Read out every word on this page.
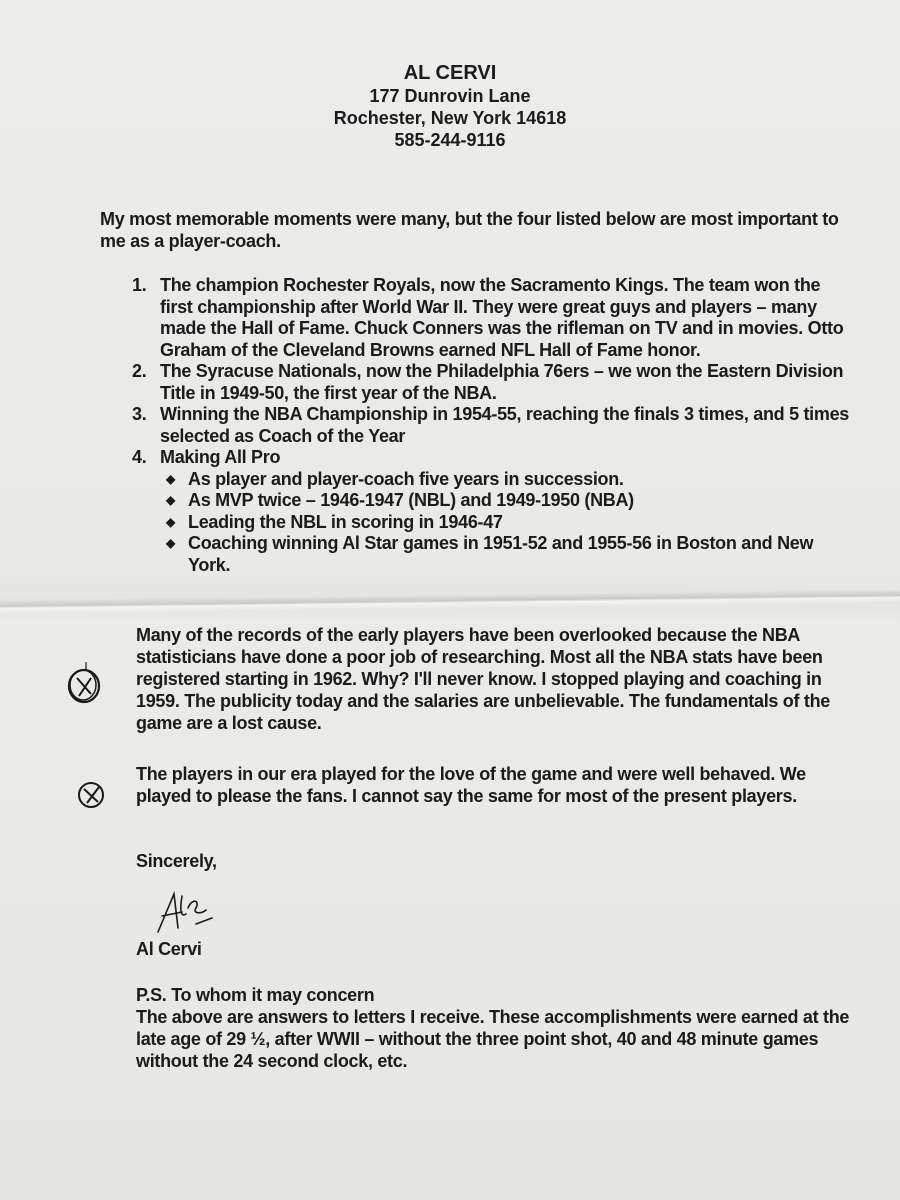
AL CERVI
177 Dunrovin Lane
Rochester, New York 14618
585-244-9116
My most memorable moments were many, but the four listed below are most important to me as a player-coach.
1. The champion Rochester Royals, now the Sacramento Kings. The team won the first championship after World War II. They were great guys and players – many made the Hall of Fame. Chuck Conners was the rifleman on TV and in movies. Otto Graham of the Cleveland Browns earned NFL Hall of Fame honor.
2. The Syracuse Nationals, now the Philadelphia 76ers – we won the Eastern Division Title in 1949-50, the first year of the NBA.
3. Winning the NBA Championship in 1954-55, reaching the finals 3 times, and 5 times selected as Coach of the Year
4. Making All Pro
◆ As player and player-coach five years in succession.
◆ As MVP twice – 1946-1947 (NBL) and 1949-1950 (NBA)
◆ Leading the NBL in scoring in 1946-47
◆ Coaching winning Al Star games in 1951-52 and 1955-56 in Boston and New York.
Many of the records of the early players have been overlooked because the NBA statisticians have done a poor job of researching. Most all the NBA stats have been registered starting in 1962. Why? I'll never know. I stopped playing and coaching in 1959. The publicity today and the salaries are unbelievable. The fundamentals of the game are a lost cause.
The players in our era played for the love of the game and were well behaved. We played to please the fans. I cannot say the same for most of the present players.
Sincerely,
Al Cervi
P.S. To whom it may concern
The above are answers to letters I receive. These accomplishments were earned at the late age of 29 ½, after WWII – without the three point shot, 40 and 48 minute games without the 24 second clock, etc.
